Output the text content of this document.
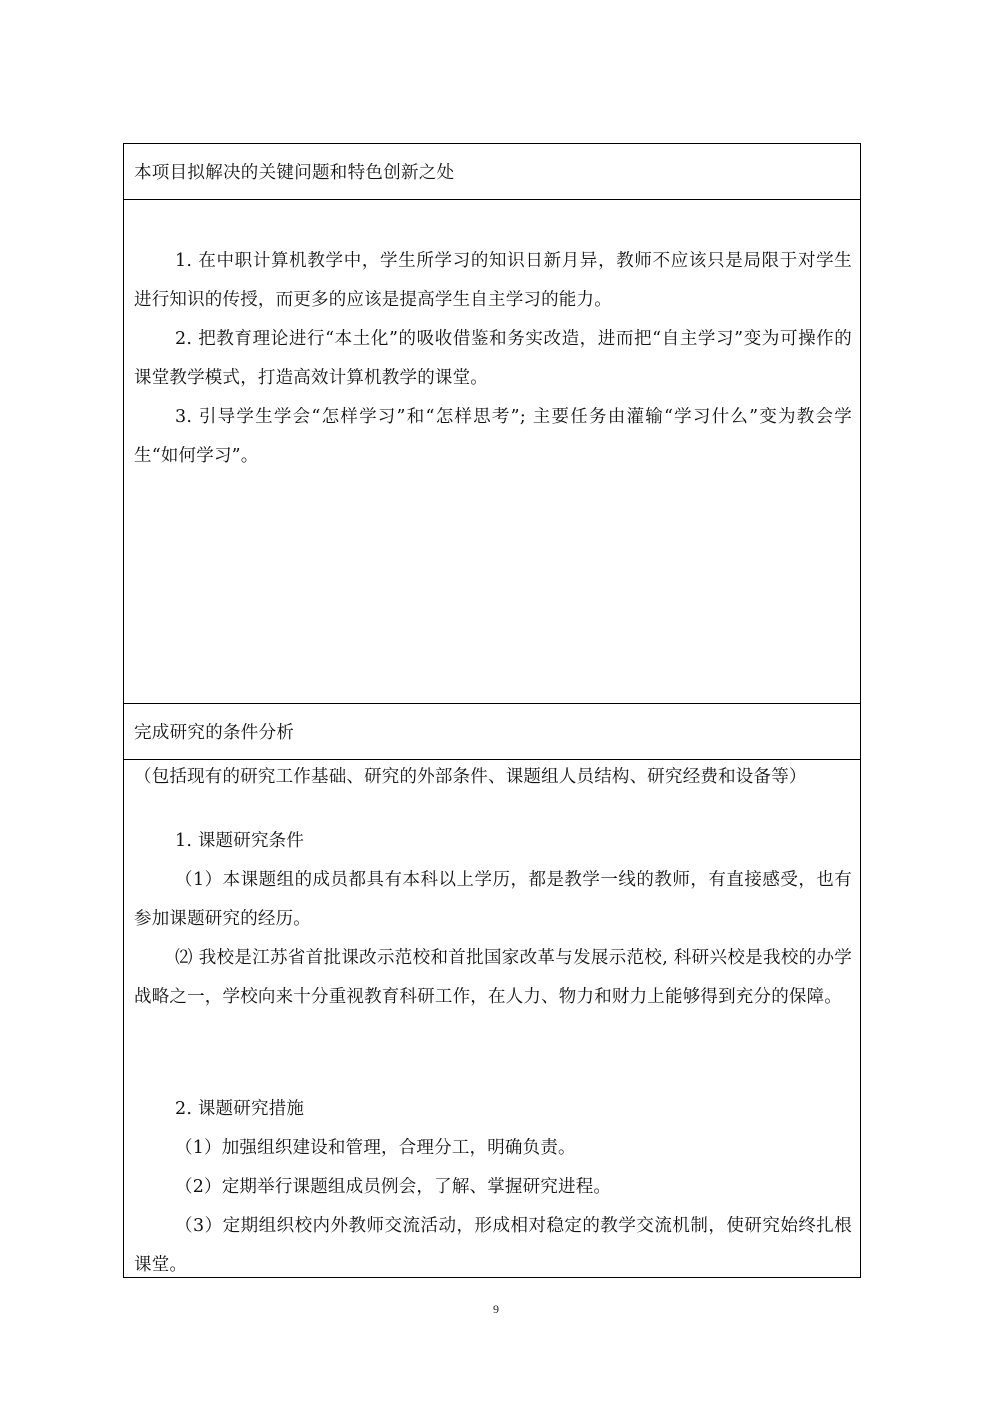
本项目拟解决的关键问题和特色创新之处

1. 在中职计算机教学中，学生所学习的知识日新月异，教师不应该只是局限于对学生进行知识的传授，而更多的应该是提高学生自主学习的能力。

2. 把教育理论进行“本土化”的吸收借鉴和务实改造，进而把“自主学习”变为可操作的课堂教学模式，打造高效计算机教学的课堂。

3. 引导学生学会“怎样学习”和“怎样思考”; 主要任务由灌输“学习什么”变为教会学生“如何学习”。

完成研究的条件分析

（包括现有的研究工作基础、研究的外部条件、课题组人员结构、研究经费和设备等）

1. 课题研究条件

（1）本课题组的成员都具有本科以上学历，都是教学一线的教师，有直接感受，也有参加课题研究的经历。

⑵ 我校是江苏省首批课改示范校和首批国家改革与发展示范校, 科研兴校是我校的办学战略之一，学校向来十分重视教育科研工作，在人力、物力和财力上能够得到充分的保障。

2. 课题研究措施

（1）加强组织建设和管理，合理分工，明确负责。

（2）定期举行课题组成员例会，了解、掌握研究进程。

（3）定期组织校内外教师交流活动，形成相对稳定的教学交流机制，使研究始终扎根课堂。

9
